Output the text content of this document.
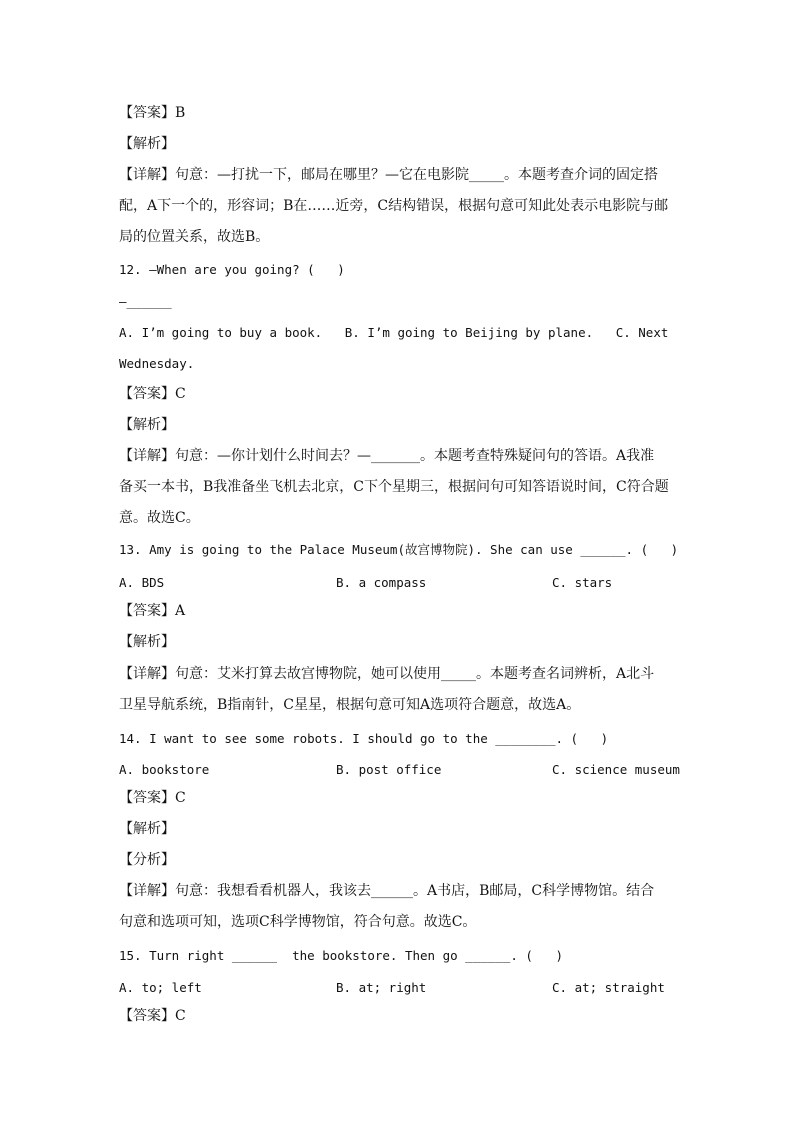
【答案】B
【解析】
【详解】句意：—打扰一下，邮局在哪里？—它在电影院_____。本题考查介词的固定搭
配，A下一个的，形容词；B在……近旁，C结构错误，根据句意可知此处表示电影院与邮
局的位置关系，故选B。
12. —When are you going? (   )
—______
A. I’m going to buy a book.   B. I’m going to Beijing by plane.   C. Next
Wednesday.
【答案】C
【解析】
【详解】句意：—你计划什么时间去？—_______。本题考查特殊疑问句的答语。A我准
备买一本书，B我准备坐飞机去北京，C下个星期三，根据问句可知答语说时间，C符合题
意。故选C。
13. Amy is going to the Palace Museum(故宫博物院). She can use ______. (   )

A. BDS

	B. a compass

	C. stars

【答案】A
【解析】
【详解】句意：艾米打算去故宫博物院，她可以使用_____。本题考查名词辨析，A北斗
卫星导航系统，B指南针，C星星，根据句意可知A选项符合题意，故选A。
14. I want to see some robots. I should go to the ________. (   )

A. bookstore

	B. post office

	C. science museum

【答案】C
【解析】
【分析】
【详解】句意：我想看看机器人，我该去______。A书店，B邮局，C科学博物馆。结合
句意和选项可知，选项C科学博物馆，符合句意。故选C。
15. Turn right ______  the bookstore. Then go ______. (   )

A. to; left

	B. at; right

	C. at; straight

【答案】C
